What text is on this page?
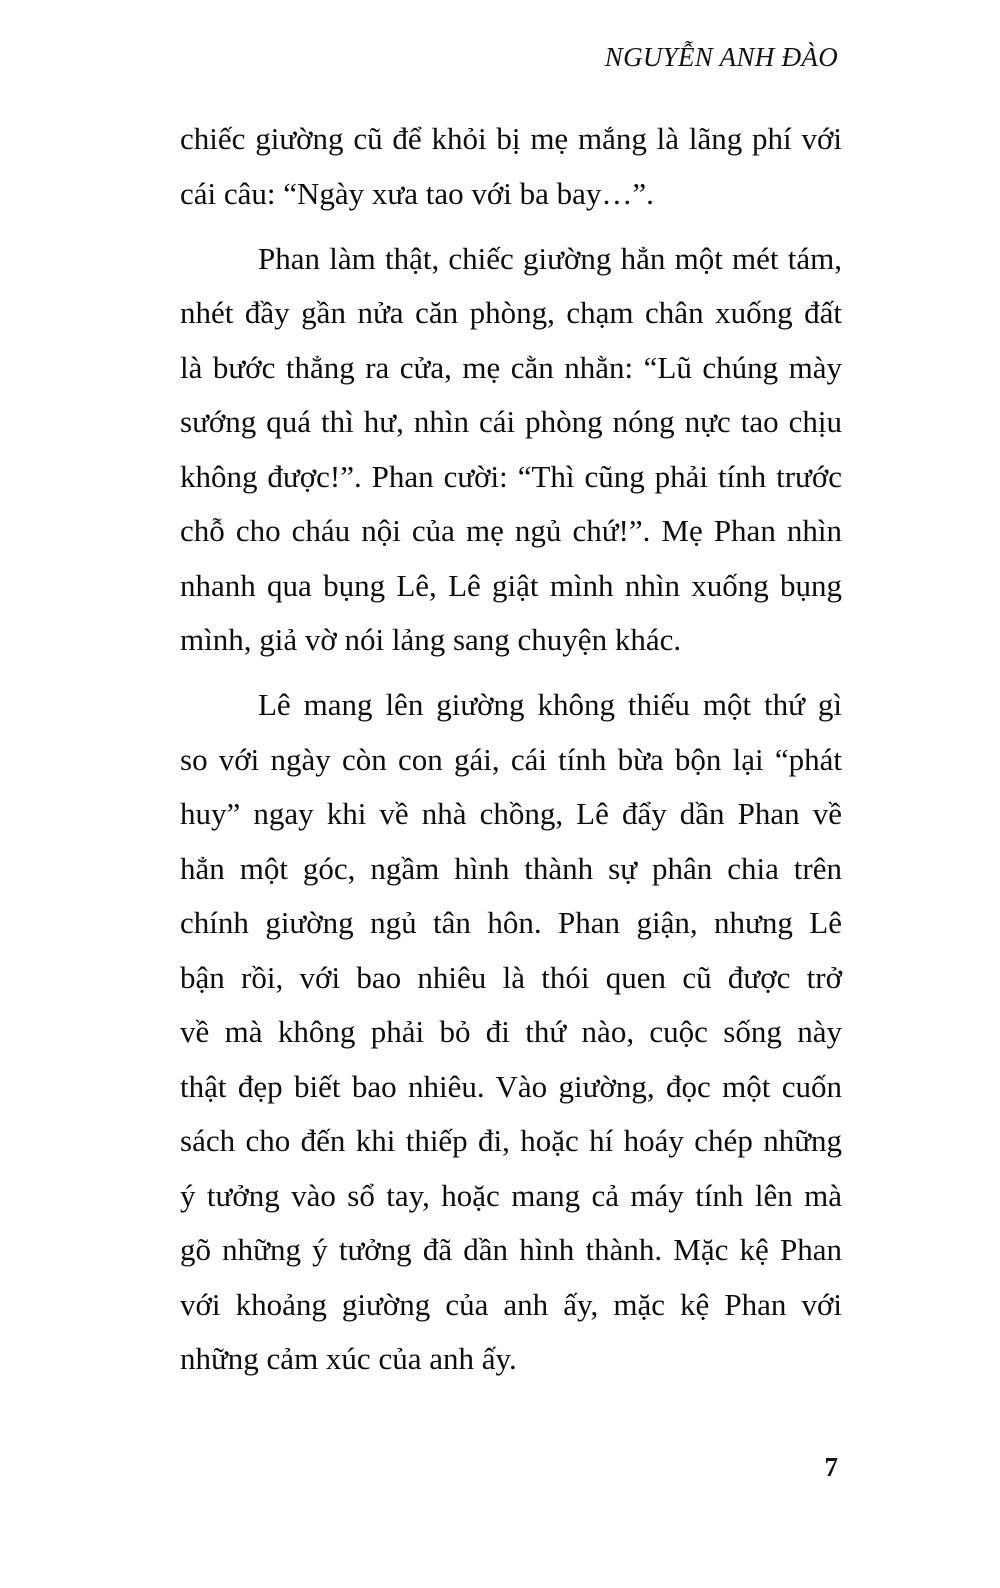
NGUYỄN ANH ĐÀO
chiếc giường cũ để khỏi bị mẹ mắng là lãng phí với
cái câu: “Ngày xưa tao với ba bay…”.
Phan làm thật, chiếc giường hẳn một mét tám,
nhét đầy gần nửa căn phòng, chạm chân xuống đất
là bước thẳng ra cửa, mẹ cằn nhằn: “Lũ chúng mày
sướng quá thì hư, nhìn cái phòng nóng nực tao chịu
không được!”. Phan cười: “Thì cũng phải tính trước
chỗ cho cháu nội của mẹ ngủ chứ!”. Mẹ Phan nhìn
nhanh qua bụng Lê, Lê giật mình nhìn xuống bụng
mình, giả vờ nói lảng sang chuyện khác.
Lê mang lên giường không thiếu một thứ gì
so với ngày còn con gái, cái tính bừa bộn lại “phát
huy” ngay khi về nhà chồng, Lê đẩy dần Phan về
hẳn một góc, ngầm hình thành sự phân chia trên
chính giường ngủ tân hôn. Phan giận, nhưng Lê
bận rồi, với bao nhiêu là thói quen cũ được trở
về mà không phải bỏ đi thứ nào, cuộc sống này
thật đẹp biết bao nhiêu. Vào giường, đọc một cuốn
sách cho đến khi thiếp đi, hoặc hí hoáy chép những
ý tưởng vào sổ tay, hoặc mang cả máy tính lên mà
gõ những ý tưởng đã dần hình thành. Mặc kệ Phan
với khoảng giường của anh ấy, mặc kệ Phan với
những cảm xúc của anh ấy.
7
